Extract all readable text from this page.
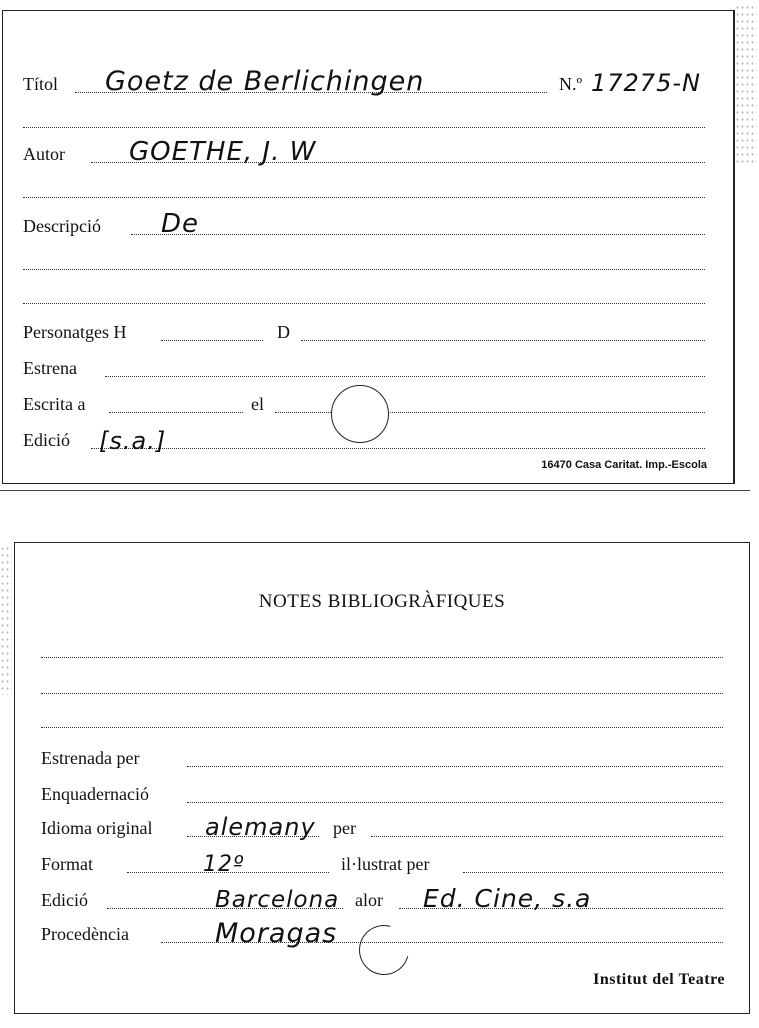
Títol Goetz de Berlichingen	N.º 17275-N
Autor GOETHE, J. W
Descripció De
Personatges H	D
Estrena
Escrita a	el
Edició [s.a.]
16470 Casa Caritat. Imp.-Escola
NOTES BIBLIOGRÀFIQUES
Estrenada per
Enquadernació
Idioma original alemany per
Format	12º	il·lustrat per
Edició	Barcelona alor Ed. Cine, s.a
Procedència	Moragas
Institut del Teatre
